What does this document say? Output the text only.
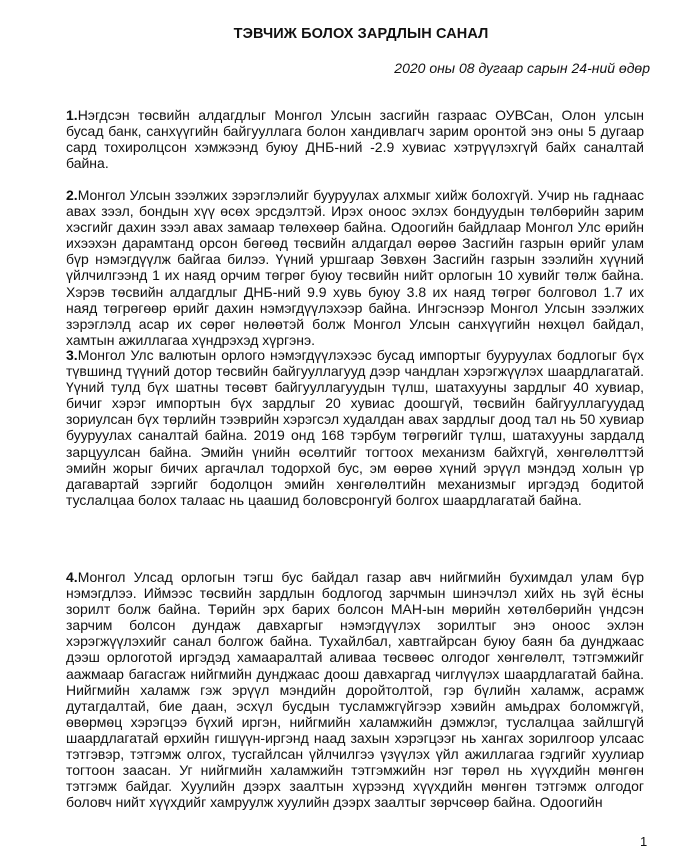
ТЭВЧИЖ БОЛОХ ЗАРДЛЫН САНАЛ
2020 оны 08 дугаар сарын 24-ний өдөр

1.Нэгдсэн төсвийн алдагдлыг Монгол Улсын засгийн газраас ОУВСан, Олон улсын бусад банк, санхүүгийн байгууллага болон хандивлагч зарим оронтой энэ оны 5 дугаар сард тохиролцсон хэмжээнд буюу ДНБ-ний -2.9 хувиас хэтрүүлэхгүй байх саналтай байна.

2.Монгол Улсын зээлжих зэрэглэлийг бууруулах алхмыг хийж болохгүй. Учир нь гаднаас авах зээл, бондын хүү өсөх эрсдэлтэй. Ирэх оноос эхлэх бондуудын төлбөрийн зарим хэсгийг дахин зээл авах замаар төлөхөөр байна. Одоогийн байдлаар Монгол Улс өрийн ихээхэн дарамтанд орсон бөгөөд төсвийн алдагдал өөрөө Засгийн газрын өрийг улам бүр нэмэгдүүлж байгаа билээ. Үүний уршгаар Зөвхөн Засгийн газрын зээлийн хүүний үйлчилгээнд 1 их наяд орчим төгрөг буюу төсвийн нийт орлогын 10 хувийг төлж байна. Хэрэв төсвийн алдагдлыг ДНБ-ний 9.9 хувь буюу 3.8 их наяд төгрөг болговол 1.7 их наяд төгрөгөөр өрийг дахин нэмэгдүүлэхээр байна. Ингэснээр Монгол Улсын зээлжих зэрэглэлд асар их сөрөг нөлөөтэй болж Монгол Улсын санхүүгийн нөхцөл байдал, хамтын ажиллагаа хүндрэхэд хүргэнэ.

3.Монгол Улс валютын орлого нэмэгдүүлэхээс бусад импортыг бууруулах бодлогыг бүх түвшинд түүний дотор төсвийн байгууллагууд дээр чандлан хэрэгжүүлэх шаардлагатай. Үүний тулд бүх шатны төсөвт байгууллагуудын түлш, шатахууны зардлыг 40 хувиар, бичиг хэрэг импортын бүх зардлыг 20 хувиас доошгүй, төсвийн байгууллагуудад зориулсан бүх төрлийн тээврийн хэрэгсэл худалдан авах зардлыг доод тал нь 50 хувиар бууруулах саналтай байна. 2019 онд 168 тэрбум төгрөгийг түлш, шатахууны зардалд зарцуулсан байна. Эмийн үнийн өсөлтийг тогтоох механизм байхгүй, хөнгөлөлттэй эмийн жорыг бичих аргачлал тодорхой бус, эм өөрөө хүний эрүүл мэндэд холын үр дагавартай зэргийг бодолцон эмийн хөнгөлөлтийн механизмыг иргэдэд бодитой туслалцаа болох талаас нь цаашид боловсронгуй болгох шаардлагатай байна.

4.Монгол Улсад орлогын тэгш бус байдал газар авч нийгмийн бухимдал улам бүр нэмэгдлээ. Иймээс төсвийн зардлын бодлогод зарчмын шинэчлэл хийх нь зүй ёсны зорилт болж байна. Төрийн эрх барих болсон МАН-ын мөрийн хөтөлбөрийн үндсэн зарчим болсон дундаж давхаргыг нэмэгдүүлэх зорилтыг энэ оноос эхлэн хэрэгжүүлэхийг санал болгож байна. Тухайлбал, хавтгайрсан буюу баян ба дунджаас дээш орлоготой иргэдэд хамааралтай аливаа төсвөөс олгодог хөнгөлөлт, тэтгэмжийг аажмаар багасгаж нийгмийн дунджаас доош давхаргад чиглүүлэх шаардлагатай байна. Нийгмийн халамж гэж эрүүл мэндийн доройтолтой, гэр бүлийн халамж, асрамж дутагдалтай, бие даан, эсхүл бусдын тусламжгүйгээр хэвийн амьдрах боломжгүй, өвөрмөц хэрэгцээ бүхий иргэн, нийгмийн халамжийн дэмжлэг, туслалцаа зайлшгүй шаардлагатай өрхийн гишүүн-иргэнд наад захын хэрэгцээг нь хангах зорилгоор улсаас тэтгэвэр, тэтгэмж олгох, тусгайлсан үйлчилгээ үзүүлэх үйл ажиллагаа гэдгийг хуулиар тогтоон заасан. Уг нийгмийн халамжийн тэтгэмжийн нэг төрөл нь хүүхдийн мөнгөн тэтгэмж байдаг. Хуулийн дээрх заалтын хүрээнд хүүхдийн мөнгөн тэтгэмж олгодог боловч нийт хүүхдийг хамруулж хуулийн дээрх заалтыг зөрчсөөр байна. Одоогийн

1
